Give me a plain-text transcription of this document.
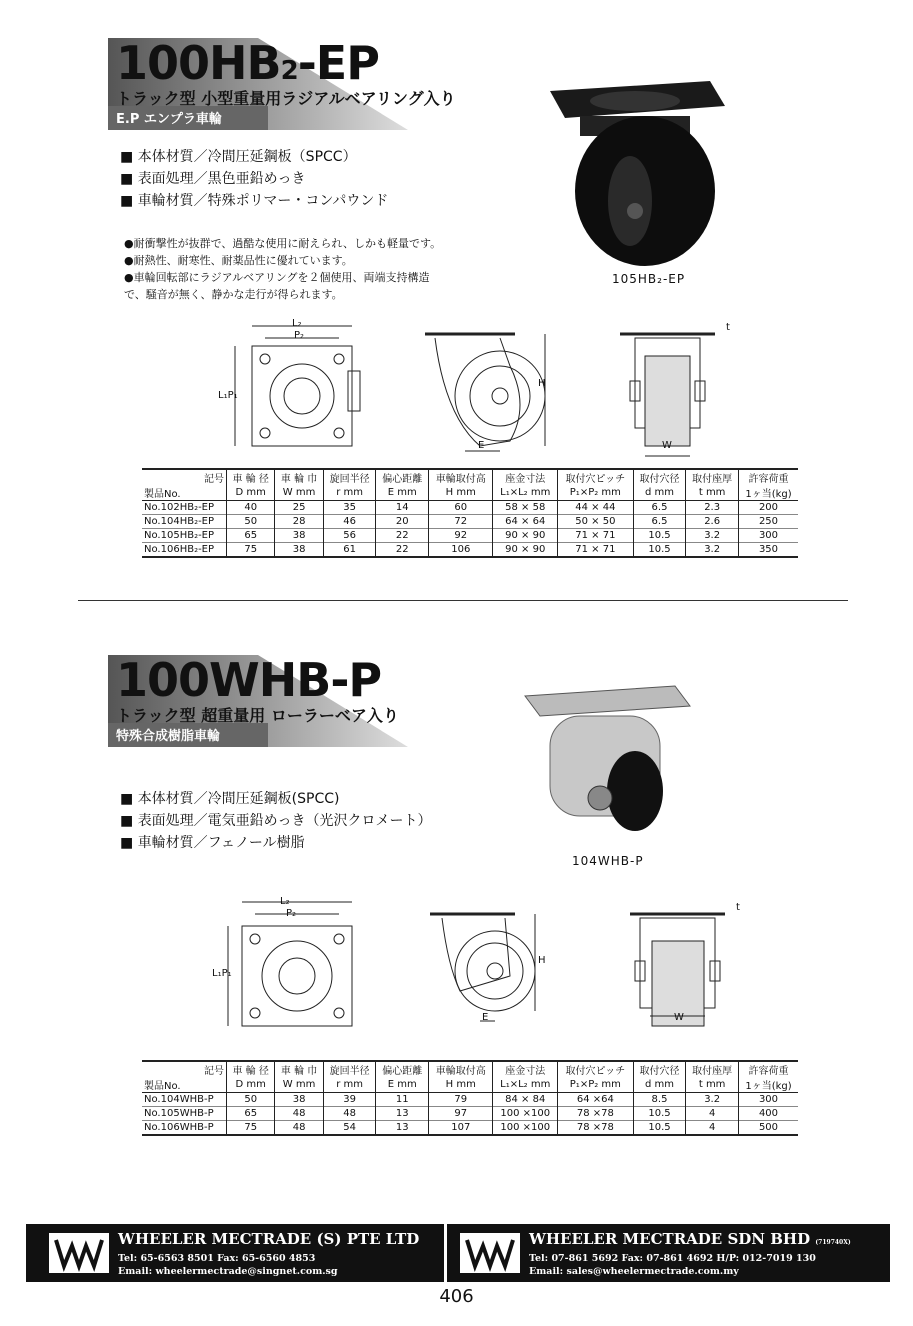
100HB2-EP
トラック型 小型重量用ラジアルベアリング入り
E.P エンプラ車輪
■ 本体材質／冷間圧延鋼板（SPCC）
■ 表面処理／黒色亜鉛めっき
■ 車輪材質／特殊ポリマー・コンパウンド
●耐衝撃性が抜群で、過酷な使用に耐えられ、しかも軽量です。
●耐熱性、耐寒性、耐薬品性に優れています。
●車輪回転部にラジアルベアリングを２個使用、両端支持構造で、騒音が無く、静かな走行が得られます。
105HB₂-EP
L₂
P₂
L₁P₁
H
E	W
t
記号	車 輪 径	車 輪 巾	旋回半径	偏心距離	車輪取付高	座金寸法	取付穴ピッチ	取付穴径	取付座厚	許容荷重
製品No.	D mm	W mm	r mm	E mm	H mm	L₁×L₂ mm	P₁×P₂ mm	d mm	t mm	1ヶ当(kg)
No.102HB₂-EP	40	25	35	14	60	58 × 58	44 × 44	6.5	2.3	200
No.104HB₂-EP	50	28	46	20	72	64 × 64	50 × 50	6.5	2.6	250
No.105HB₂-EP	65	38	56	22	92	90 × 90	71 × 71	10.5	3.2	300
No.106HB₂-EP	75	38	61	22	106	90 × 90	71 × 71	10.5	3.2	350
100WHB-P
トラック型 超重量用 ローラーベア入り
特殊合成樹脂車輪
■ 本体材質／冷間圧延鋼板(SPCC)
■ 表面処理／電気亜鉛めっき（光沢クロメート）
■ 車輪材質／フェノール樹脂
104WHB-P
L₂
P₂
L₁P₁
H
E	W
t
記号	車 輪 径	車 輪 巾	旋回半径	偏心距離	車輪取付高	座金寸法	取付穴ピッチ	取付穴径	取付座厚	許容荷重
製品No.	D mm	W mm	r mm	E mm	H mm	L₁×L₂ mm	P₁×P₂ mm	d mm	t mm	1ヶ当(kg)
No.104WHB-P	50	38	39	11	79	84 × 84	64 ×64	8.5	3.2	300
No.105WHB-P	65	48	48	13	97	100 ×100	78 ×78	10.5	4	400
No.106WHB-P	75	48	54	13	107	100 ×100	78 ×78	10.5	4	500
WHEELER MECTRADE (S) PTE LTD
Tel: 65-6563 8501 Fax: 65-6560 4853
Email: wheelermectrade@singnet.com.sg
WHEELER MECTRADE SDN BHD (719740X)
Tel: 07-861 5692 Fax: 07-861 4692 H/P: 012-7019 130
Email: sales@wheelermectrade.com.my
406
